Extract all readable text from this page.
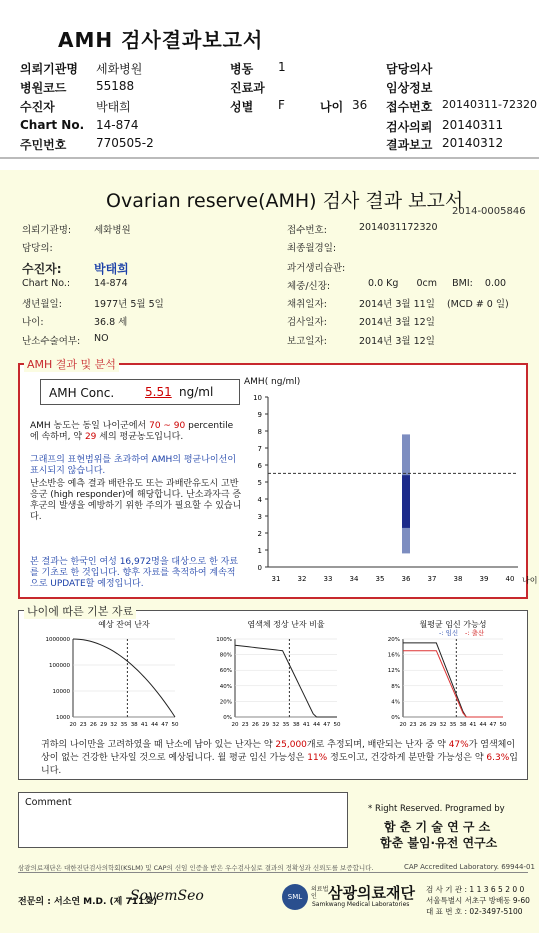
AMH 검사결과보고서
의뢰기관명 세화병원	병동 1	담당의사
병원코드 55188	진료과	임상정보
수진자	박태희	성별 F	나이 36 접수번호 20140311-72320
Chart No. 14-874	검사의뢰 20140311
주민번호 770505-2	결과보고 20140312
Ovarian reserve(AMH) 검사 결과 보고서
2014-0005846
의뢰기관명: 세화병원
담당의:
수진자:	박태희
Chart No.:	14-874
생년월일:	1977년 5월 5일
나이:	36.8 세
난소수술여부: NO
접수번호:	2014031172320
최종월경일:
과거생리습관:
체중/신장:	0.0 Kg      0cm     BMI:    0.00
채취일자:	2014년 3월 11일    (MCD # 0 일)
검사일자:	2014년 3월 12일
보고일자:	2014년 3월 12일
AMH Conc.	5.51 ng/ml
AMH 농도는 동일 나이군에서 70 ~ 90 percentile에 속하며, 약 29 세의 평균농도입니다.
그래프의 표현범위를 초과하여 AMH의 평균나이선이 표시되지 않습니다.
난소반응 예측 결과 배란유도 또는 과배란유도시 고반응군 (high responder)에 해당합니다. 난소과자극 증후군의 발생을 예방하기 위한 주의가 필요할 수 있습니다.
본 결과는 한국인 여성 16,972명을 대상으로 한 자료를 기초로 한 것입니다. 향후 자료를 축적하여 계속적으로 UPDATE할 예정입니다.
AMH( ng/ml)
0
1
2
3
4
5
6
7
8
9
10
31 32 33 34 35 36 37 38 39 40 나이
AMH 결과 및 분석
예상 잔여 난자
1000000
100000
10000
1000
20 23 26 29 32 35 38 41 44 47 50
염색체 정상 난자 비율
100%
80%
60%
40%
20%
0%
20 23 26 29 32 35 38 41 44 47 50
월평균 임신 가능성
20%
16%
12%
8%
4%
0%
20 23 26 29 32 35 38 41 44 47 50
-: 임신 -: 출산
귀하의 나이만을 고려하였을 때 난소에 남아 있는 난자는 약 25,000개로 추정되며, 배란되는 난자 중 약 47%가 염색체이상이 없는 건강한 난자일 것으로 예상됩니다. 월 평균 임신 가능성은 11% 정도이고, 건강하게 분만할 가능성은 약 6.3%입니다.
나이에 따른 기본 자료
Comment
* Right Reserved. Programed by
함 춘 기 술 연 구 소
함춘 불임·유전 연구소
삼광의료재단은 대한진단검사의학회(KSLM) 및 CAP의 신임 인증을 받은 우수검사실로 결과의 정확성과 신뢰도를 보증합니다.	CAP Accredited Laboratory. 69944-01
전문의 : 서소연 M.D. (제 711호)
SoyemSeo	SML
의료법인 삼광의료재단
Samkwang Medical Laboratories
검 사 기 관 : 1 1 3 6 5 2 0 0
서울특별시 서초구 방배동 9-60
대 표 번 호 : 02-3497-5100
